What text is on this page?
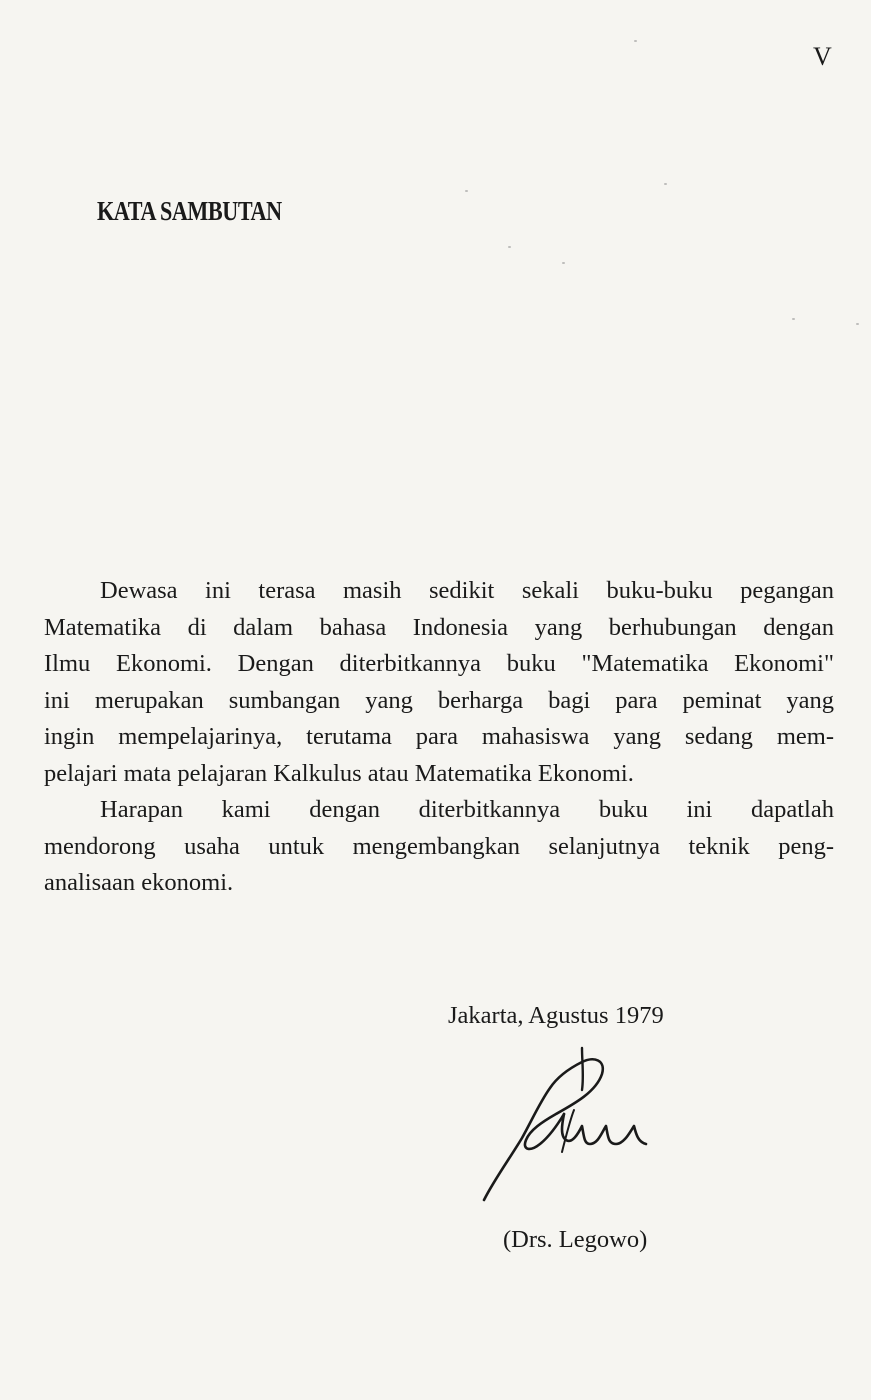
V
KATA SAMBUTAN
Dewasa ini terasa masih sedikit sekali buku-buku pegangan
Matematika di dalam bahasa Indonesia yang berhubungan dengan
Ilmu Ekonomi. Dengan diterbitkannya buku "Matematika Ekonomi"
ini merupakan sumbangan yang berharga bagi para peminat yang
ingin mempelajarinya, terutama para mahasiswa yang sedang mem-
pelajari mata pelajaran Kalkulus atau Matematika Ekonomi.
Harapan kami dengan diterbitkannya buku ini dapatlah
mendorong usaha untuk mengembangkan selanjutnya teknik peng-
analisaan ekonomi.
Jakarta, Agustus 1979
(Drs. Legowo)
